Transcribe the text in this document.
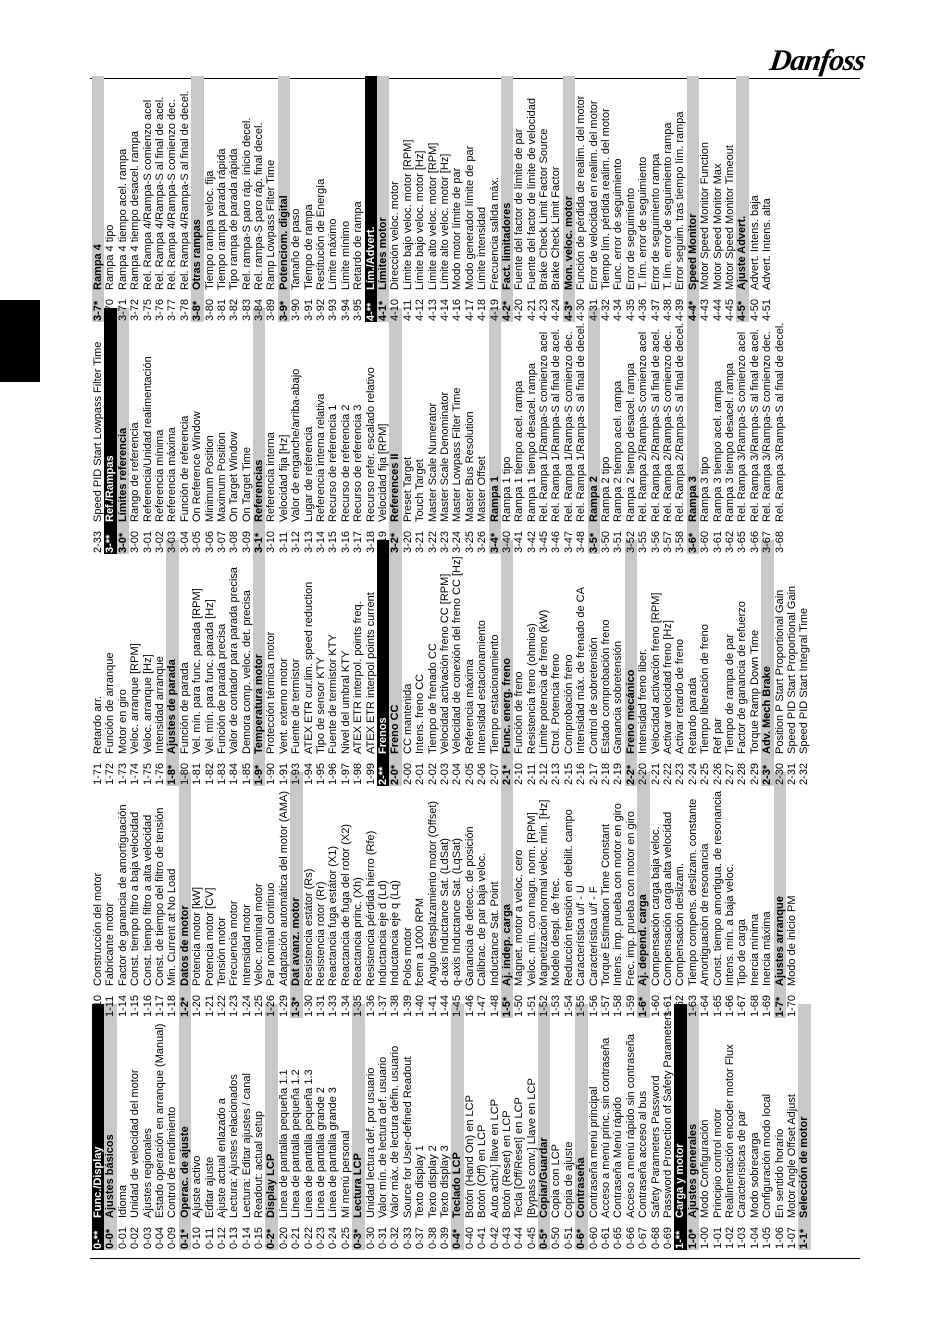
Danfoss
0-**
Func./Display
0-0*
Ajustes básicos
0-01
Idioma
0-02
Unidad de velocidad del motor
0-03
Ajustes regionales
0-04
Estado operación en arranque (Manual)
0-09
Control de rendimiento
0-1*
Operac. de ajuste
0-10
Ajuste activo
0-11
Editar ajuste
0-12
Ajuste actual enlazado a
0-13
Lectura: Ajustes relacionados
0-14
Lectura: Editar ajustes / canal
0-15
Readout: actual setup
0-2*
Display LCP
0-20
Línea de pantalla pequeña 1.1
0-21
Línea de pantalla pequeña 1.2
0-22
Línea de pantalla pequeña 1.3
0-23
Línea de pantalla grande 2
0-24
Línea de pantalla grande 3
0-25
Mi menú personal
0-3*
Lectura LCP
0-30
Unidad lectura def. por usuario
0-31
Valor mín. de lectura def. usuario
0-32
Valor máx. de lectura defin. usuario
0-33
Source for User-defined Readout
0-37
Texto display 1
0-38
Texto display 2
0-39
Texto display 3
0-4*
Teclado LCP
0-40
Botón (Hand On) en LCP
0-41
Botón (Off) en LCP
0-42
Auto activ.] llave en LCP
0-43
Botón (Reset) en LCP
0-44
Tecla [Off/Reset] en LCP
0-45
[Bypass conv.] Llave en LCP
0-5*
Copiar/Guardar
0-50
Copia con LCP
0-51
Copia de ajuste
0-6*
Contraseña
0-60
Contraseña menú principal
0-61
Acceso a menú princ. sin contraseña
0-65
Contraseña Menú rápido
0-66
Acceso a menú rápido sin contraseña
0-67
Contraseña acceso al bus
0-68
Safety Parameters Password
0-69
Password Protection of Safety Parameters
1-**
Carga y motor
1-0*
Ajustes generales
1-00
Modo Configuración
1-01
Principio control motor
1-02
Realimentación encoder motor Flux
1-03
Características de par
1-04
Modo sobrecarga
1-05
Configuración modo local
1-06
En sentido horario
1-07
Motor Angle Offset Adjust
1-1*
Selección de motor
1-10
Construcción del motor
1-11
Fabricante motor
1-14
Factor de ganancia de amortiguación
1-15
Const. tiempo filtro a baja velocidad
1-16
Const. tiempo filtro a alta velocidad
1-17
Const. de tiempo del filtro de tensión
1-18
Min. Current at No Load
1-2*
Datos de motor
1-20
Potencia motor [kW]
1-21
Potencia motor [CV]
1-22
Tensión motor
1-23
Frecuencia motor
1-24
Intensidad motor
1-25
Veloc. nominal motor
1-26
Par nominal continuo
1-29
Adaptación automática del motor (AMA)
1-3*
Dat avanz. motor
1-30
Resistencia estátor (Rs)
1-31
Resistencia rotor (Rr)
1-33
Reactancia fuga estátor (X1)
1-34
Reactancia de fuga del rotor (X2)
1-35
Reactancia princ. (Xh)
1-36
Resistencia pérdida hierro (Rfe)
1-37
Inductancia eje d (Ld)
1-38
Inductancia eje q (Lq)
1-39
Polos motor
1-40
fcem a 1000 RPM
1-41
Ángulo desplazamiento motor (Offset)
1-44
d-axis Inductance Sat. (LdSat)
1-45
q-axis Inductance Sat. (LqSat)
1-46
Ganancia de detecc. de posición
1-47
Calibrac. de par baja veloc.
1-48
Inductance Sat. Point
1-5*
Aj. indep. carga
1-50
Magnet. motor a veloc. cero
1-51
Veloc. mín. con magn. norm. [RPM]
1-52
Magnetización normal veloc. mín. [Hz]
1-53
Modelo despl. de frec.
1-54
Reducción tensión en debilit. campo
1-55
Característica u/f - U
1-56
Característica u/f - F
1-57
Torque Estimation Time Constant
1-58
Intens. imp. prueba con motor en giro
1-59
Frec. imp. prueba con motor en giro
1-6*
Aj. depend. carga
1-60
Compensación carga baja veloc.
1-61
Compensación carga alta velocidad
1-62
Compensación deslizam.
1-63
Tiempo compens. deslizam. constante
1-64
Amortiguación de resonancia
1-65
Const. tiempo amortigua. de resonancia
1-66
Intens. mín. a baja veloc.
1-67
Tipo de carga
1-68
Inercia mínima
1-69
Inercia máxima
1-7*
Ajustes arranque
1-70
Modo de inicio PM
1-71
Retardo arr.
1-72
Función de arranque
1-73
Motor en giro
1-74
Veloc. arranque [RPM]
1-75
Veloc. arranque [Hz]
1-76
Intensidad arranque
1-8*
Ajustes de parada
1-80
Función de parada
1-81
Vel. mín. para func. parada [RPM]
1-82
Vel. mín. para func. parada [Hz]
1-83
Función de parada precisa
1-84
Valor de contador para parada precisa
1-85
Demora comp. veloc. det. precisa
1-9*
Temperatura motor
1-90
Protección térmica motor
1-91
Vent. externo motor
1-93
Fuente de termistor
1-94
ATEX ETR cur.lim. speed reduction
1-95
Tipo de sensor KTY
1-96
Fuente de termistor KTY
1-97
Nivel del umbral KTY
1-98
ATEX ETR interpol. points freq.
1-99
ATEX ETR interpol points current
2-**
Frenos
2-0*
Freno CC
2-00
CC mantenida
2-01
Intens. freno CC
2-02
Tiempo de frenado CC
2-03
Velocidad activación freno CC [RPM]
2-04
Velocidad de conexión del freno CC [Hz]
2-05
Referencia máxima
2-06
Intensidad estacionamiento
2-07
Tiempo estacionamiento
2-1*
Func. energ. freno
2-10
Función de freno
2-11
Resistencia freno (ohmios)
2-12
Límite potencia de freno (kW)
2-13
Ctrol. Potencia freno
2-15
Comprobación freno
2-16
Intensidad máx. de frenado de CA
2-17
Control de sobretensión
2-18
Estado comprobación freno
2-19
Ganancia sobretensión
2-2*
Freno mecánico
2-20
Intensidad freno liber.
2-21
Velocidad activación freno [RPM]
2-22
Activar velocidad freno [Hz]
2-23
Activar retardo de freno
2-24
Retardo parada
2-25
Tiempo liberación de freno
2-26
Ref par
2-27
Tiempo de rampa de par
2-28
Factor de ganancia de refuerzo
2-29
Torque Ramp Down Time
2-3*
Adv. Mech Brake
2-30
Position P Start Proportional Gain
2-31
Speed PID Start Proportional Gain
2-32
Speed PID Start Integral Time
2-33
Speed PID Start Lowpass Filter Time
3-**
Ref./Rampas
3-0*
Límites referencia
3-00
Rango de referencia
3-01
Referencia/Unidad realimentación
3-02
Referencia mínima
3-03
Referencia máxima
3-04
Función de referencia
3-05
On Reference Window
3-06
Minimum Position
3-07
Maximum Position
3-08
On Target Window
3-09
On Target Time
3-1*
Referencias
3-10
Referencia interna
3-11
Velocidad fija [Hz]
3-12
Valor de enganche/arriba-abajo
3-13
Lugar de referencia
3-14
Referencia interna relativa
3-15
Recurso de referencia 1
3-16
Recurso de referencia 2
3-17
Recurso de referencia 3
3-18
Recurso refer. escalado relativo
3-19
Velocidad fija [RPM]
3-2*
References II
3-20
Preset Target
3-21
Touch Target
3-22
Master Scale Numerator
3-23
Master Scale Denominator
3-24
Master Lowpass Filter Time
3-25
Master Bus Resolution
3-26
Master Offset
3-4*
Rampa 1
3-40
Rampa 1 tipo
3-41
Rampa 1 tiempo acel. rampa
3-42
Rampa 1 tiempo desacel. rampa
3-45
Rel. Rampa 1/Rampa-S comienzo acel
3-46
Rel. Rampa 1/Rampa-S al final de acel.
3-47
Rel. Rampa 1/Rampa-S comienzo dec.
3-48
Rel. Rampa 1/Rampa-S al final de decel.
3-5*
Rampa 2
3-50
Rampa 2 tipo
3-51
Rampa 2 tiempo acel. rampa
3-52
Rampa 2 tiempo desacel. rampa
3-55
Rel. Rampa 2/Rampa-S comienzo acel
3-56
Rel. Rampa 2/Rampa-S al final de acel.
3-57
Rel. Rampa 2/Rampa-S comienzo dec.
3-58
Rel. Rampa 2/Rampa-S al final de decel.
3-6*
Rampa 3
3-60
Rampa 3 tipo
3-61
Rampa 3 tiempo acel. rampa
3-62
Rampa 3 tiempo desacel. rampa
3-65
Rel. Rampa 3/Rampa-S comienzo acel
3-66
Rel. Rampa 3/Rampa-S al final de acel.
3-67
Rel. Rampa 3/Rampa-S comienzo dec.
3-68
Rel. Rampa 3/Rampa-S al final de decel.
3-7*
Rampa 4
3-70
Rampa 4 tipo
3-71
Rampa 4 tiempo acel. rampa
3-72
Rampa 4 tiempo desacel. rampa
3-75
Rel. Rampa 4/Rampa-S comienzo acel
3-76
Rel. Rampa 4/Rampa-S al final de acel.
3-77
Rel. Rampa 4/Rampa-S comienzo dec.
3-78
Rel. Rampa 4/Rampa-S al final de decel.
3-8*
Otras rampas
3-80
Tiempo rampa veloc. fija
3-81
Tiempo rampa parada rápida
3-82
Tipo rampa de parada rápida
3-83
Rel. rampa-S paro ráp. inicio decel.
3-84
Rel. rampa-S paro ráp. final decel.
3-89
Ramp Lowpass Filter Time
3-9*
Potenciom. digital
3-90
Tamaño de paso
3-91
Tiempo de rampa
3-92
Restitución de Energía
3-93
Límite máximo
3-94
Límite mínimo
3-95
Retardo de rampa
4-**
Lím./Advert.
4-1*
Límites motor
4-10
Dirección veloc. motor
4-11
Límite bajo veloc. motor [RPM]
4-12
Límite bajo veloc. motor [Hz]
4-13
Límite alto veloc. motor [RPM]
4-14
Límite alto veloc. motor [Hz]
4-16
Modo motor límite de par
4-17
Modo generador límite de par
4-18
Límite intensidad
4-19
Frecuencia salida máx.
4-2*
Fact. limitadores
4-20
Fuente del factor de límite de par
4-21
Fuente del factor de límite de velocidad
4-23
Brake Check Limit Factor Source
4-24
Brake Check Limit Factor
4-3*
Mon. veloc. motor
4-30
Función de pérdida de realim. del motor
4-31
Error de velocidad en realim. del motor
4-32
Tiempo lím. pérdida realim. del motor
4-34
Func. error de seguimiento
4-35
Error de seguimiento
4-36
T. lím. error de seguimiento
4-37
Error de seguimiento rampa
4-38
T. lím. error de seguimiento rampa
4-39
Error seguim. tras tiempo lím. rampa
4-4*
Speed Monitor
4-43
Motor Speed Monitor Function
4-44
Motor Speed Monitor Max
4-45
Motor Speed Monitor Timeout
4-5*
Ajuste Advert.
4-50
Advert. Intens. baja
4-51
Advert. Intens. alta
